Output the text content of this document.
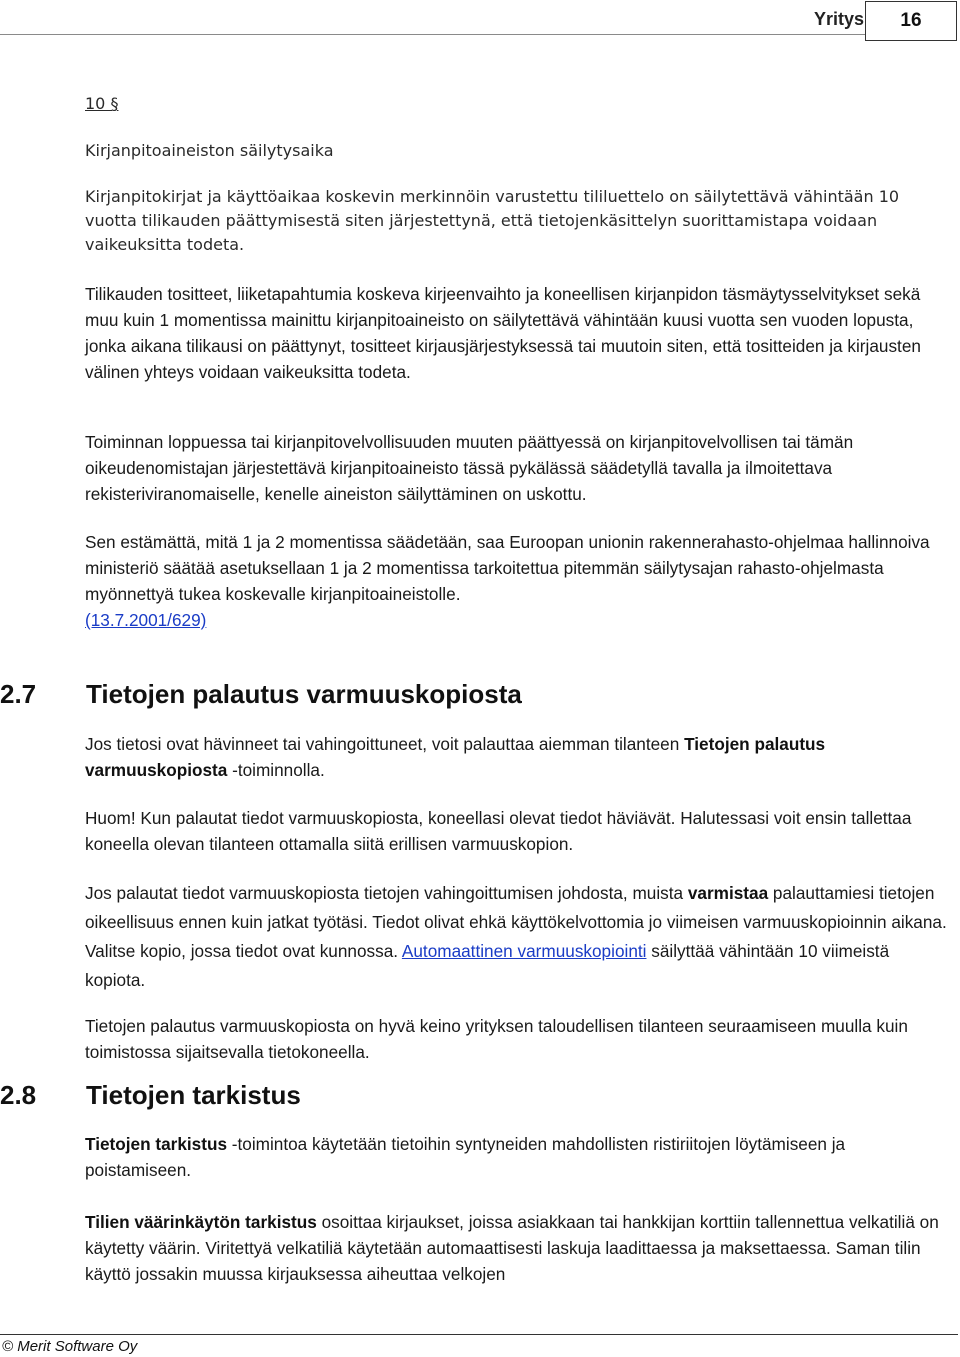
Yritys	16
10 §

Kirjanpitoaineiston säilytysaika

Kirjanpitokirjat ja käyttöaikaa koskevin merkinnöin varustettu tililuettelo on säilytettävä vähintään 10 vuotta tilikauden päättymisestä siten järjestettynä, että tietojenkäsittelyn suorittamistapa voidaan vaikeuksitta todeta.

Tilikauden tositteet, liiketapahtumia koskeva kirjeenvaihto ja koneellisen kirjanpidon täsmäytysselvitykset sekä muu kuin 1 momentissa mainittu kirjanpitoaineisto on säilytettävä vähintään kuusi vuotta sen vuoden lopusta, jonka aikana tilikausi on päättynyt, tositteet kirjausjärjestyksessä tai muutoin siten, että tositteiden ja kirjausten välinen yhteys voidaan vaikeuksitta todeta.

Toiminnan loppuessa tai kirjanpitovelvollisuuden muuten päättyessä on kirjanpitovelvollisen tai tämän oikeudenomistajan järjestettävä kirjanpitoaineisto tässä pykälässä säädetyllä tavalla ja ilmoitettava rekisteriviranomaiselle, kenelle aineiston säilyttäminen on uskottu.

Sen estämättä, mitä 1 ja 2 momentissa säädetään, saa Euroopan unionin rakennerahasto-ohjelmaa hallinnoiva ministeriö säätää asetuksellaan 1 ja 2 momentissa tarkoitettua pitemmän säilytysajan rahasto-ohjelmasta myönnettyä tukea koskevalle kirjanpitoaineistolle.
(13.7.2001/629)

2.7 Tietojen palautus varmuuskopiosta

Jos tietosi ovat hävinneet tai vahingoittuneet, voit palauttaa aiemman tilanteen Tietojen palautus varmuuskopiosta -toiminnolla.

Huom! Kun palautat tiedot varmuuskopiosta, koneellasi olevat tiedot häviävät. Halutessasi voit ensin tallettaa koneella olevan tilanteen ottamalla siitä erillisen varmuuskopion.

Jos palautat tiedot varmuuskopiosta tietojen vahingoittumisen johdosta, muista varmistaa palauttamiesi tietojen oikeellisuus ennen kuin jatkat työtäsi. Tiedot olivat ehkä käyttökelvottomia jo viimeisen varmuuskopioinnin aikana. Valitse kopio, jossa tiedot ovat kunnossa. Automaattinen varmuuskopiointi säilyttää vähintään 10 viimeistä kopiota.

Tietojen palautus varmuuskopiosta on hyvä keino yrityksen taloudellisen tilanteen seuraamiseen muulla kuin toimistossa sijaitsevalla tietokoneella.

2.8 Tietojen tarkistus

Tietojen tarkistus -toimintoa käytetään tietoihin syntyneiden mahdollisten ristiriitojen löytämiseen ja poistamiseen.

Tilien väärinkäytön tarkistus osoittaa kirjaukset, joissa asiakkaan tai hankkijan korttiin tallennettua velkatiliä on käytetty väärin. Viritettyä velkatiliä käytetään automaattisesti laskuja laadittaessa ja maksettaessa. Saman tilin käyttö jossakin muussa kirjauksessa aiheuttaa velkojen

© Merit Software Oy
